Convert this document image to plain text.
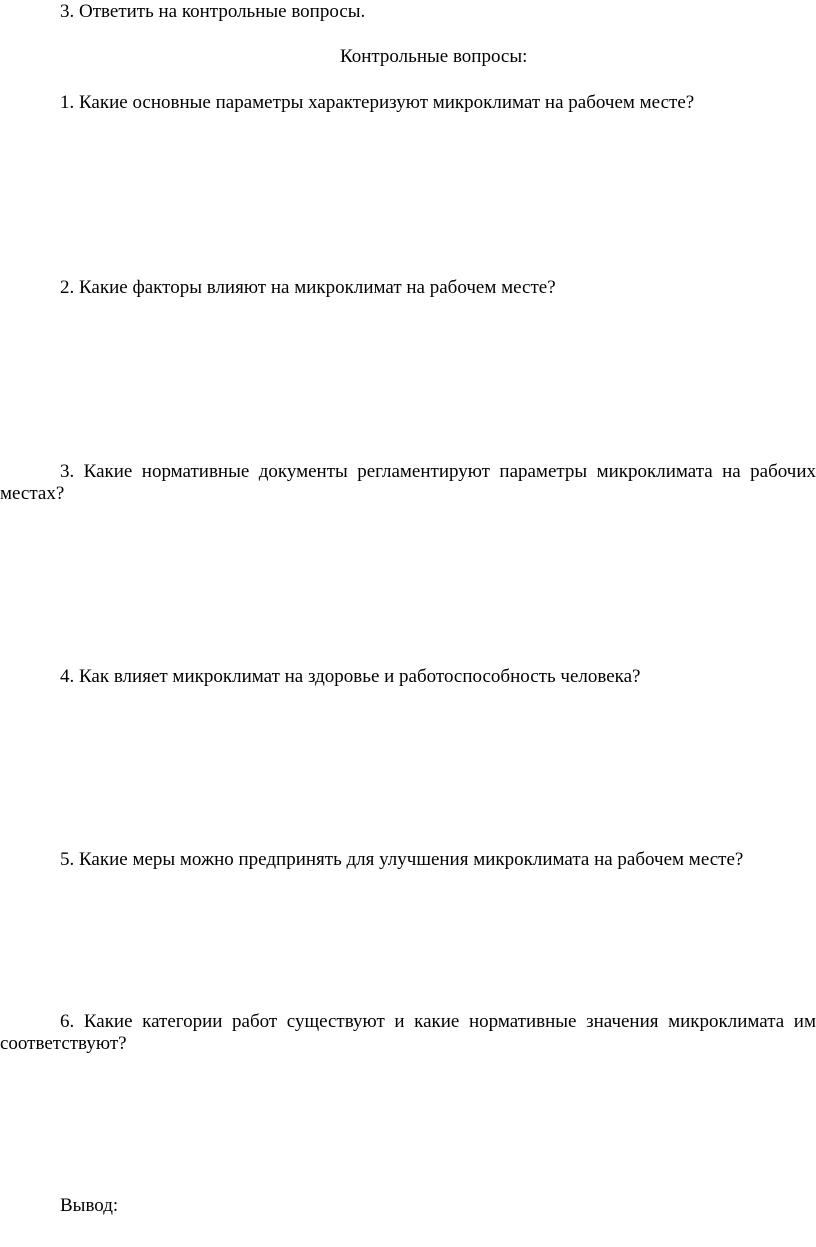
3. Ответить на контрольные вопросы.

Контрольные вопросы:

1. Какие основные параметры характеризуют микроклимат на рабочем месте?

2. Какие факторы влияют на микроклимат на рабочем месте?

3. Какие нормативные документы регламентируют параметры микроклимата на рабочих местах?

4. Как влияет микроклимат на здоровье и работоспособность человека?

5. Какие меры можно предпринять для улучшения микроклимата на рабочем месте?

6. Какие категории работ существуют и какие нормативные значения микроклимата им соответствуют?

Вывод:
